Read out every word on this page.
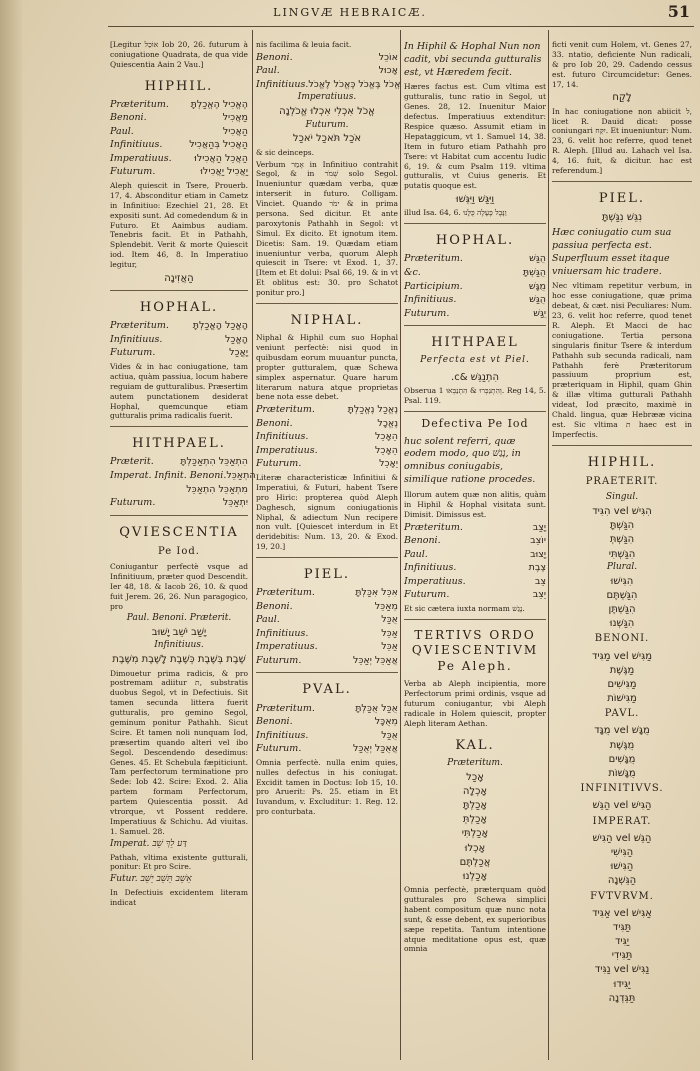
LINGVÆ HEBRAICÆ.	51
[Legitur אוֹכַל Iob 20, 26. futurum à coniugatione Quadrata, de qua vide Quiescentia Aain 2 Vau.]
HIPHIL.
Præteritum. הֶאֱכִיל הֶאֱכַלְתָּ
Benoni.	מַאֲכִיל
Paul.	הַאֲכִיל
Infinitiuus.	הַאֲכִיל בְּהַאֲכִיל
Imperatiuus. הַאֲכֵל הַאֲכִילוּ
Futurum.	יַאֲכִיל יַאֲכִילוּ
Aleph quiescit in Tsere, Prouerb. 17, 4. Absconditur etiam in Cametz in Infinitiuo: Ezechiel 21, 28. Et expositi sunt. Ad comedendum & in Futuro. Et Aaimbus audiam. Tenebris facit. Et in Pathahh, Splendebit. Verit & morte Quiescit iod. Item 46, 8. In Imperatiuo legitur,
הַאֲזִינָה
HOPHAL.
Præteritum.	הָאֳכַל הָאֳכַלְתָּ
Infinitiuus.	הָאֳכַל
Futurum.	יָאֳכַל
Vides & in hac coniugatione, tam actiua, quàm passiua, locum habere reguiam de gutturalibus. Præsertim autem punctationem desiderat Hophal, quemcunque etiam gutturalis prima radicalis fuerit.
HITHPAEL.
Præterit.	הִתְאַכֵּל הִתְאַכַּלְתָּ
Imperat. Infinit. Benoni. הִתְאַכֵּל
מִתְאַכֵּל הִתְאַכֵּל
Futurum.	יִתְאַכֵּל
QVIESCENTIA
Pe Iod.
Coniugantur perfectè vsque ad Infinitiuum, præter quod Descendit. Ier 48, 18. & Iacob 26, 10. & quod fuit Jerem. 26, 26. Nun paragogico, pro
Paul. Benoni. Præterit.
יָשַׁב יֹשֵׁב יָשׁוּב
Infinitiuus.
שֶׁבֶת בְּשֶׁבֶת כְּשֶׁבֶת לָשֶׁבֶת מִשֶּׁבֶת
Dimouetur prima radicis, & pro postremam adiitur ת, substratis duobus Segol, vt in Defectiuis. Sit tamen secunda littera fuerit gutturalis, pro gemino Segol, geminum ponitur Pathahh. Sicut Scire. Et tamen noli nunquam Iod, præsertim quando alteri vel ibo Segol. Descendendo desedimus: Genes. 45. Et Schebula fæpiticiunt. Tam perfectorum terminatione pro Sede: Iob 42. Scire: Exod. 2. Alia partem formam Perfectorum, partem Quiescentia possit. Ad vtrorque, vt Possent reddere. Imperatiuus & Schichu. Ad viuitas. 1. Samuel. 28.
Imperat. דַּע לֵךְ שֵׁב
Pathah, vltima existente gutturali, ponitur: Et pro Scire.
Futur. אֵשֵׁב תֵּשֵׁב יֵשֵׁב
In Defectiuis excidentem literam indicat
nis facilima & leuia facit.
Benoni.	אוֹכֵל
Paul.	אָכוּל
Infinitiuus. אֱכֹל בֶּאֱכֹל כֶּאֱכֹל לֶאֱכֹל
Imperatiuus.
אֱכֹל אִכְלִי אִכְלוּ אֱכֹלְנָה
Futurum.
אֹכַל תֹּאכַל יֹאכַל
& sic deinceps.
Verbum אָמַר in Infinitiuo contrahit Segol, & in שְׁמֹר solo Segol. Inueniuntur quædam verba, quæ interserit in futuro. Colligam. Vinciet. Quando ימֹר & in prima persona. Sed dicitur. Et ante paroxytonis Pathahh in Segol: vt Simul. Ex dicito. Et ignotum item. Dicetis: Sam. 19. Quædam etiam inueniuntur verba, quorum Aleph quiescit in Tsere: vt Exod. 1, 37. [Item et Et dolui: Psal 66, 19. & in vt Et oblitus est: 30. pro Schatot ponitur pro.]
NIPHAL.
Niphal & Hiphil cum suo Hophal veniunt perfectè: nisi quod in quibusdam eorum muuantur puncta, propter gutturalem, quæ Schewa simplex aspernatur. Quare harum literarum natura atque proprietas bene nota esse debet.
Præteritum.	נֶאֱכַל נֶאֱכַלְתָּ
Benoni.	נֶאֱכָל
Infinitiuus.	הֵאָכֵל
Imperatiuus.	הֵאָכֵל
Futurum.	יֵאָכֵל
Literæ characteristicæ Infinitiui & Imperatiui, & Futuri, habent Tsere pro Hiric: propterea quòd Aleph Daghesch, signum coniugationis Niphal, & adiectum Nun recipere non vult. [Quiescet interdum in Et deridebitis: Num. 13, 20. & Exod. 19, 20.]
PIEL.
Præteritum.	אִכֵּל אִכַּלְתָּ
Benoni.	מְאַכֵּל
Paul.	אֻכַּל
Infinitiuus.	אַכֵּל
Imperatiuus.	אַכֵּל
Futurum.	אֲאַכֵּל יְאַכֵּל
PVAL.
Præteritum.	אֻכַּל אֻכַּלְתָּ
Benoni.	מְאֻכָּל
Infinitiuus.	אֻכַּל
Futurum.	אֲאֻכַּל יְאֻכַּל
Omnia perfectè. nulla enim quies, nulles defectus in his coniugat. Excidit tamen in Doctus: Iob 15, 10. pro Aruerit: Ps. 25. etiam in Et Iuvandum, v. Excluditur: 1. Reg. 12. pro conturbata.
In Hiphil & Hophal Nun non cadit, vbi secunda gutturalis est, vt Hæredem fecit.
Hæres factus est. Cum vltima est gutturalis, tunc ratio in Segol, ut Genes. 28, 12. Inuenitur Maior defectus. Imperatiuus extenditur: Respice quæso. Assumit etiam in Hepataggicum, vt 1. Samuel 14, 38. Item in futuro etiam Pathahh pro Tsere: vt Habitat cum accentu Iudic 6, 19. & cum Psalm 119. vltima gutturalis, vt Cuius generis. Et putatis quoque est.
וַיִּגַּשׁ וַיִּגְּשׁוּ
illud Isa. 64, 6. וַנָּבֶל כֶּעָלֶה כֻּלָּנוּ
HOPHAL.
Præteritum.	הֻגַּשׁ
&c.	הֻגַּשְׁתָּ
Participium.	מֻגָּשׁ
Infinitiuus.	הֻגַּשׁ
Futurum.	יֻגַּשׁ
HITHPAEL
Perfecta est vt Piel.
הִתְנַגֵּשׁ &c.
Obserua וְהִתְנַכְּרוּ & הִתְנַבְּאוּ 1. Reg 14, 5. Psal. 119.
Defectiva Pe Iod
huc solent referri, quæ eodem modo, quo נָגַשׁ, in omnibus coniugabis, similique ratione procedes.
Illorum autem quæ non alitis, quàm in Hiphil & Hophal visitata sunt. Dimisit. Dimissus est.
Præteritum.	יָצַב
Benoni.	יוֹצֵב
Paul.	יָצוּב
Infinitiuus.	צֶבֶת
Imperatiuus.	צֵב
Futurum.	יֵצֵב
Et sic cætera iuxta normam נָגַשׁ.
TERTIVS ORDO QVIESCENTIVM Pe Aleph.
Verba ab Aleph incipientia, more Perfectorum primi ordinis, vsque ad futurum coniugantur, vbi Aleph radicale in Holem quiescit, propter Aleph literam Aethan.
KAL.
Præteritum.
אָכַל
אָכְלָה
אָכַלְתָּ
אָכַלְתְּ
אָכַלְתִּי
אָכְלוּ
אֲכַלְתֶּם
אָכַלְנוּ
Omnia perfectè, præterquam quòd gutturales pro Schewa simplici habent compositum quæ nunc nota sunt, & esse debent, ex superioribus sæpe repetita. Tantum intentione atque meditatione opus est, quæ omnia
ficti venit cum Holem, vt. Genes 27, 33. ntatio, deficiente Nun radicali, & pro Iob 20, 29. Cadendo cessus est. futuro Circumcidetur: Genes. 17, 14.
לָקַח
In hac coniugatione non abiicit ל, licet R. Dauid dicat: posse coniungari יִקַּח. Et inueniuntur: Num. 23, 6. velit hoc referre, quod tenet R. Aleph. [Illud au. Lahach vel Isa. 4, 16. fuit, & dicitur. hac est referendum.]
PIEL.
נִגֵּשׁ נִגַּשְׁתָּ
Hæc coniugatio cum sua passiua perfecta est. Superfluum esset itaque vniuersam hic tradere.
Nec vltimam repetitur verbum, in hoc esse coniugatione, quæ prima debeat, & cæt. nisi Peculiares: Num. 23, 6. velit hoc referre, quod tenet R. Aleph. Et Macci de hac coniugatione. Tertia persona singularis finitur Tsere & interdum Pathahh sub secunda radicali, nam Pathahh ferè Præteritorum passiuum proprium est, præteriquam in Hiphil, quam Ghin & illæ vltima gutturali Pathahh videat, Iod præcito, maximè in Chald. lingua, quæ Hebrææ vicina est. Sic vltima ת haec est in Imperfectis.
HIPHIL.
PRAETERIT.
Singul.
הִגִּישׁ vel הִגִּיד
הִגַּשְׁתָּ
הִגַּשְׁתְּ
הִגַּשְׁתִּי
Plural.
הִגִּישׁוּ
הִגַּשְׁתֶּם
הִגַּשְׁתֶּן
הִגַּשְׁנוּ
BENONI.
מַגִּישׁ vel מַגִּיד
מַגֶּשֶׁת
מַגִּישִׁים
מַגִּישׁוֹת
PAVL.
מֻגָּשׁ vel מֻגָּד
מֻגֶּשֶׁת
מֻגָּשִׁים
מֻגָּשׁוֹת
INFINITIVVS.
הַגִּישׁ vel הַגֵּשׁ
IMPERAT.
הַגֵּשׁ vel הַגִּישׁ
הַגִּישִׁי
הַגִּישׁוּ
הַגֵּשְׁנָה
FVTVRVM.
אַגִּישׁ vel אַגִּיד
תַּגִּיד
יַגִּיד
תַּגִּידִי
נַגִּישׁ vel נַגִּיד
יַגִּידוּ
תַּגֵּדְנָה
